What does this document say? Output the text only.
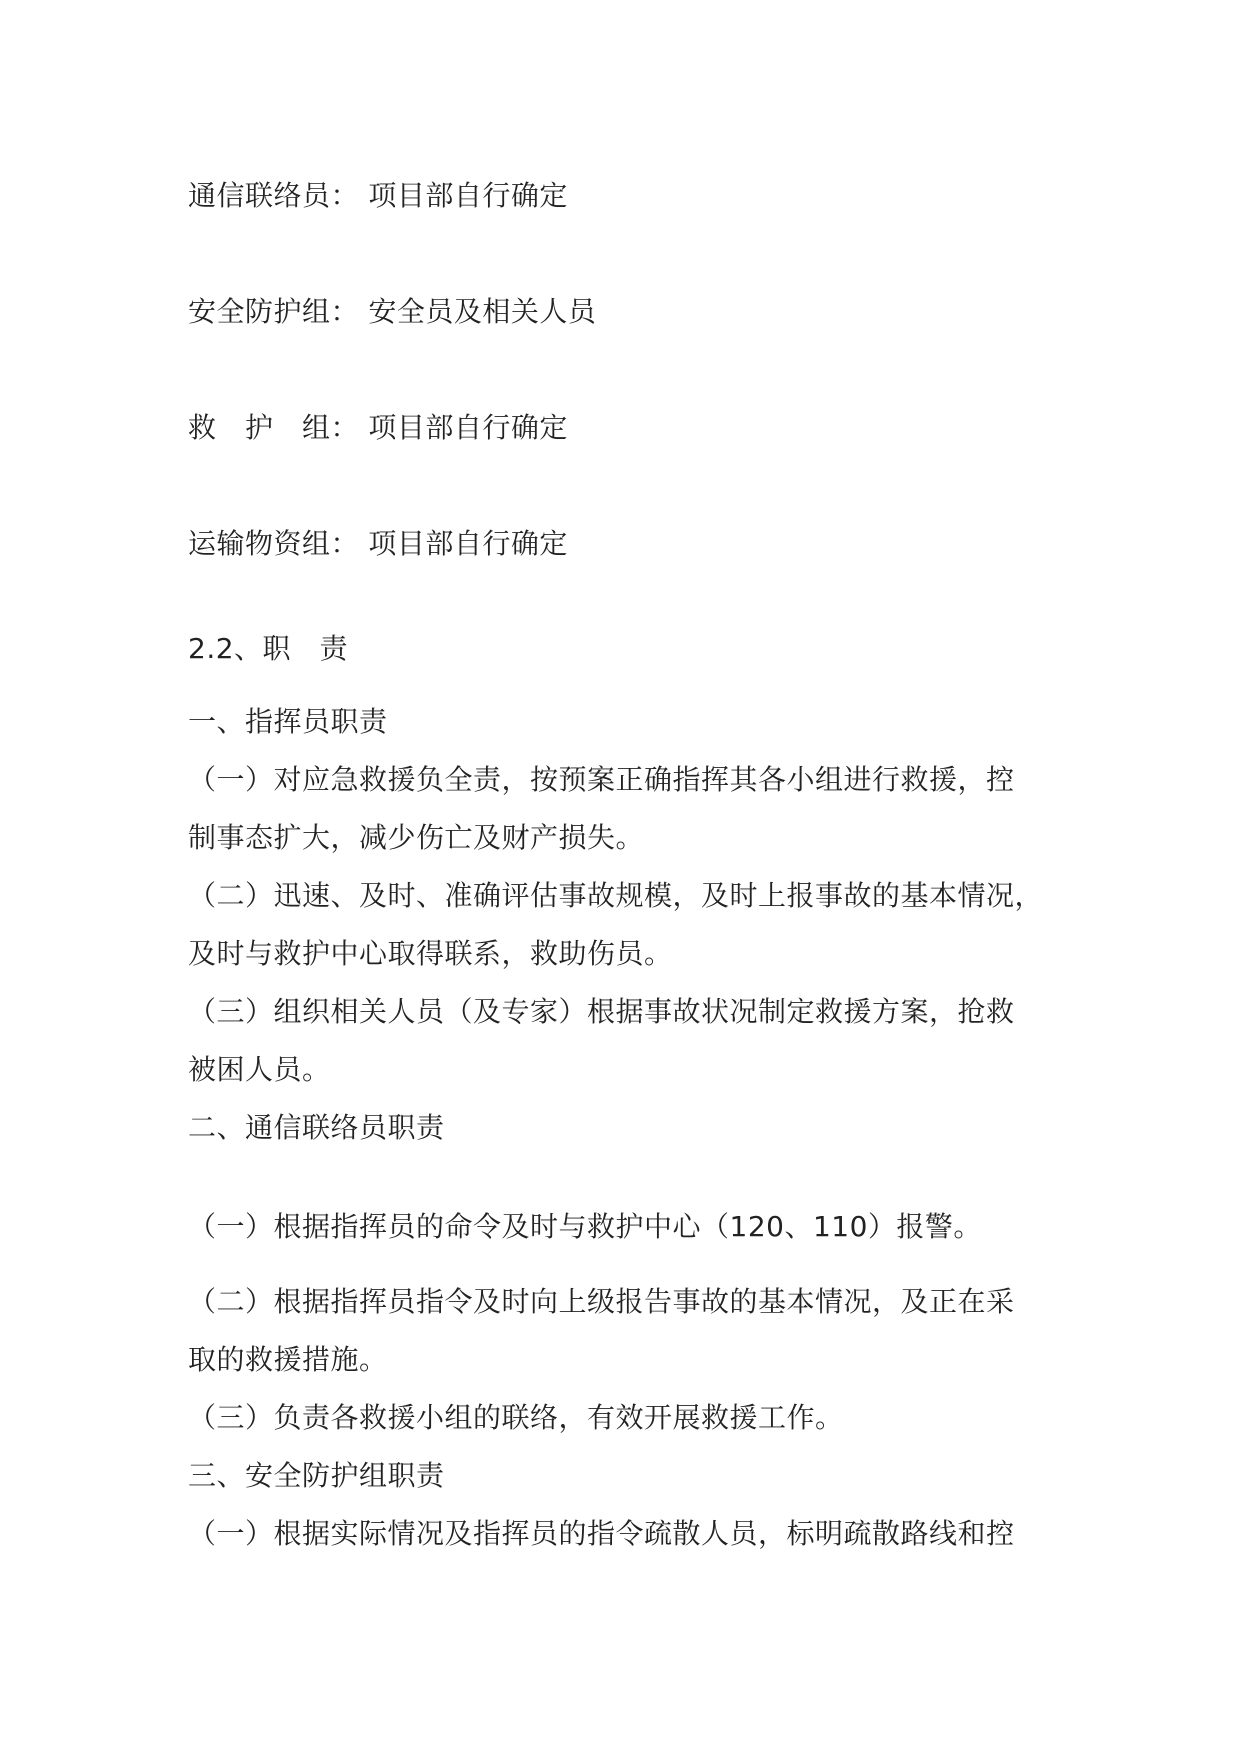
通信联络员： 项目部自行确定
安全防护组： 安全员及相关人员
救　护　组： 项目部自行确定
运输物资组： 项目部自行确定
2.2、职　责
一、指挥员职责
（一）对应急救援负全责，按预案正确指挥其各小组进行救援，控
制事态扩大，减少伤亡及财产损失。
（二）迅速、及时、准确评估事故规模，及时上报事故的基本情况，
及时与救护中心取得联系，救助伤员。
（三）组织相关人员（及专家）根据事故状况制定救援方案，抢救
被困人员。
二、通信联络员职责
（一）根据指挥员的命令及时与救护中心（120、110）报警。
（二）根据指挥员指令及时向上级报告事故的基本情况，及正在采
取的救援措施。
（三）负责各救援小组的联络，有效开展救援工作。
三、安全防护组职责
（一）根据实际情况及指挥员的指令疏散人员，标明疏散路线和控
